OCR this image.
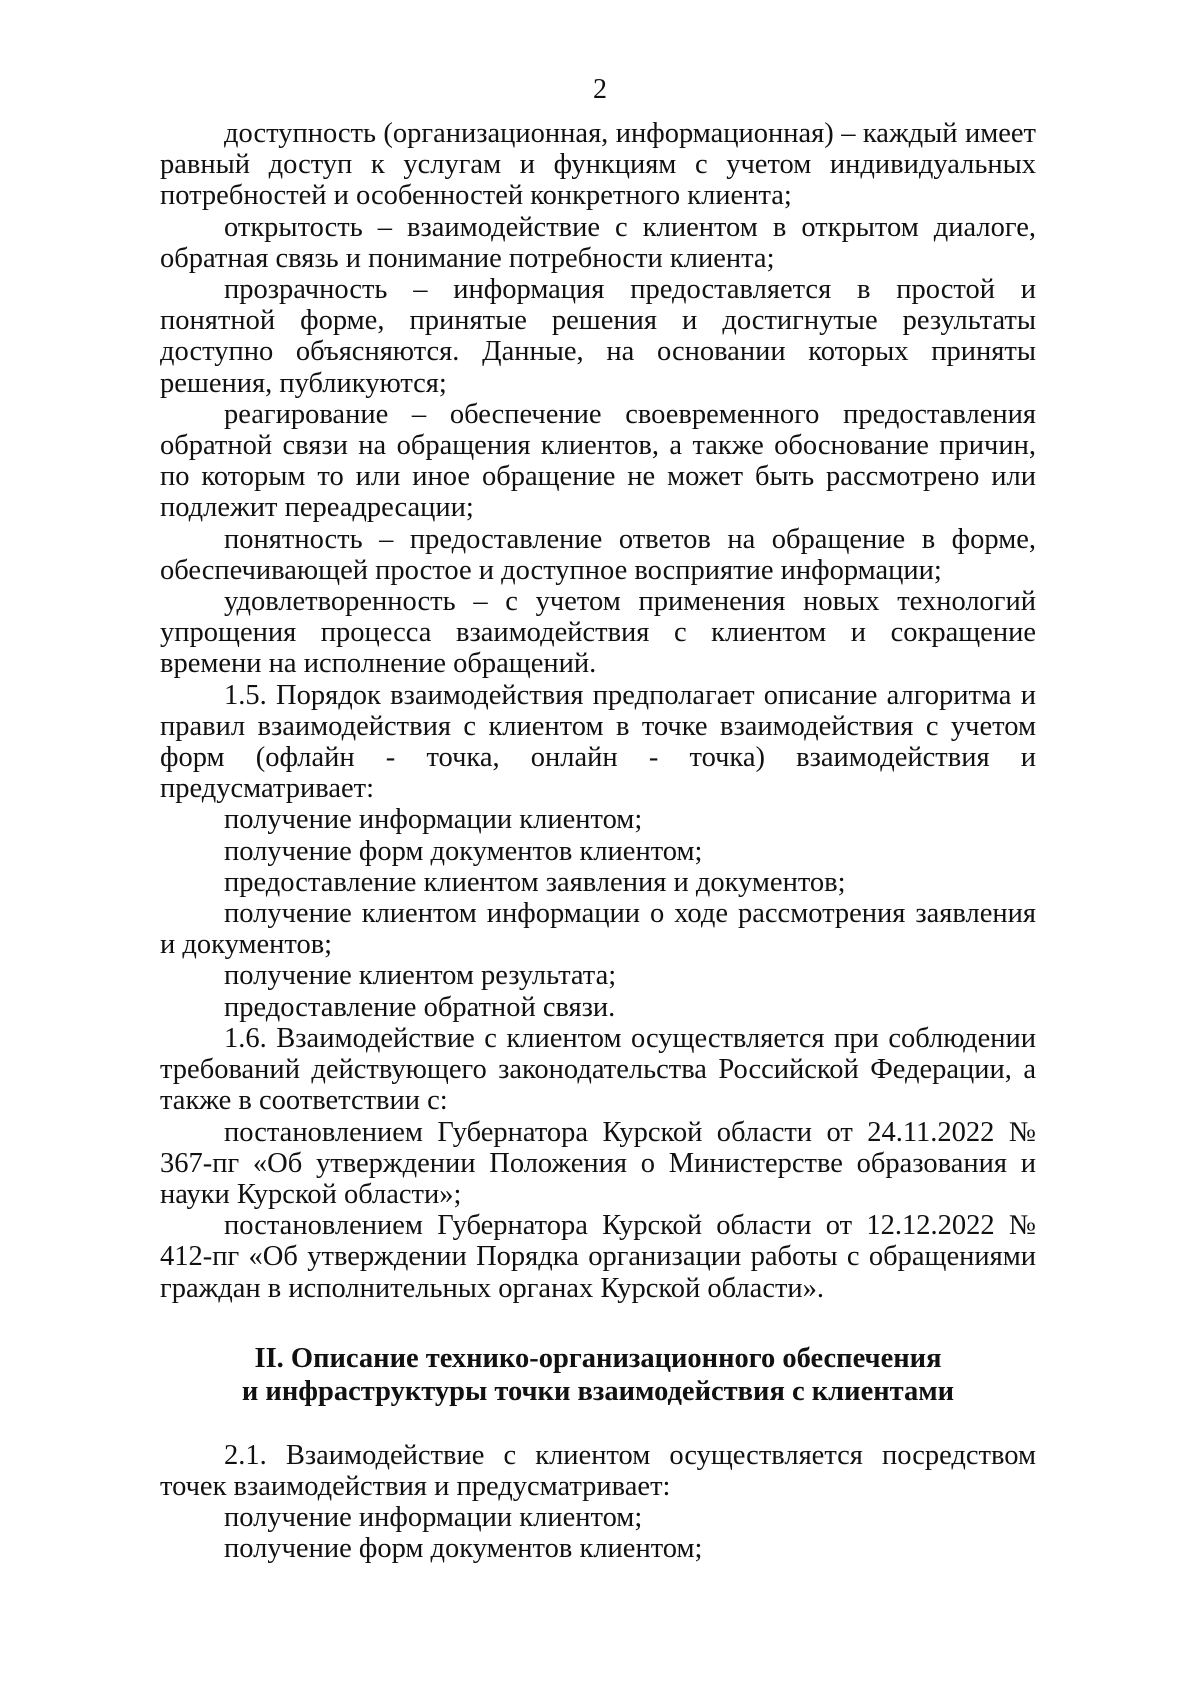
2

доступность (организационная, информационная) – каждый имеет равный доступ к услугам и функциям с учетом индивидуальных потребностей и особенностей конкретного клиента;

открытость – взаимодействие с клиентом в открытом диалоге, обратная связь и понимание потребности клиента;

прозрачность – информация предоставляется в простой и понятной форме, принятые решения и достигнутые результаты доступно объясняются. Данные, на основании которых приняты решения, публикуются;

реагирование – обеспечение своевременного предоставления обратной связи на обращения клиентов, а также обоснование причин, по которым то или иное обращение не может быть рассмотрено или подлежит переадресации;

понятность – предоставление ответов на обращение в форме, обеспечивающей простое и доступное восприятие информации;

удовлетворенность – с учетом применения новых технологий упрощения процесса взаимодействия с клиентом и сокращение времени на исполнение обращений.

1.5. Порядок взаимодействия предполагает описание алгоритма и правил взаимодействия с клиентом в точке взаимодействия с учетом форм (офлайн - точка, онлайн - точка) взаимодействия и предусматривает:

получение информации клиентом;

получение форм документов клиентом;

предоставление клиентом заявления и документов;

получение клиентом информации о ходе рассмотрения заявления и документов;

получение клиентом результата;

предоставление обратной связи.

1.6. Взаимодействие с клиентом осуществляется при соблюдении требований действующего законодательства Российской Федерации, а также в соответствии с:

постановлением Губернатора Курской области от 24.11.2022 № 367-пг «Об утверждении Положения о Министерстве образования и науки Курской области»;

постановлением Губернатора Курской области от 12.12.2022 № 412-пг «Об утверждении Порядка организации работы с обращениями граждан в исполнительных органах Курской области».

II. Описание технико-организационного обеспечения
и инфраструктуры точки взаимодействия с клиентами

2.1. Взаимодействие с клиентом осуществляется посредством точек взаимодействия и предусматривает:

получение информации клиентом;

получение форм документов клиентом;
